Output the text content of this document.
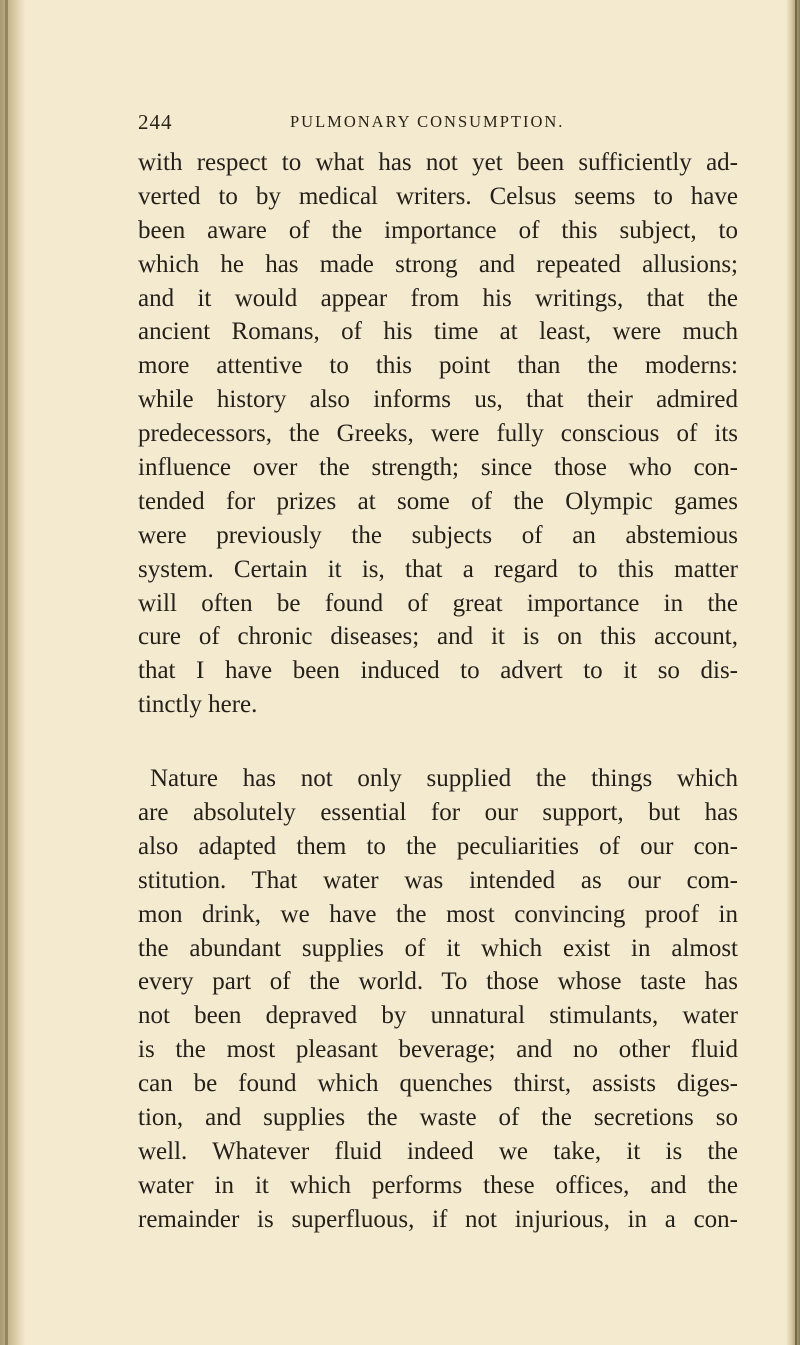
244	PULMONARY CONSUMPTION.
with respect to what has not yet been sufficiently ad-
verted to by medical writers. Celsus seems to have
been aware of the importance of this subject, to
which he has made strong and repeated allusions;
and it would appear from his writings, that the
ancient Romans, of his time at least, were much
more attentive to this point than the moderns:
while history also informs us, that their admired
predecessors, the Greeks, were fully conscious of its
influence over the strength; since those who con-
tended for prizes at some of the Olympic games
were previously the subjects of an abstemious
system. Certain it is, that a regard to this matter
will often be found of great importance in the
cure of chronic diseases; and it is on this account,
that I have been induced to advert to it so dis-
tinctly here.
Nature has not only supplied the things which
are absolutely essential for our support, but has
also adapted them to the peculiarities of our con-
stitution. That water was intended as our com-
mon drink, we have the most convincing proof in
the abundant supplies of it which exist in almost
every part of the world. To those whose taste has
not been depraved by unnatural stimulants, water
is the most pleasant beverage; and no other fluid
can be found which quenches thirst, assists diges-
tion, and supplies the waste of the secretions so
well. Whatever fluid indeed we take, it is the
water in it which performs these offices, and the
remainder is superfluous, if not injurious, in a con-
